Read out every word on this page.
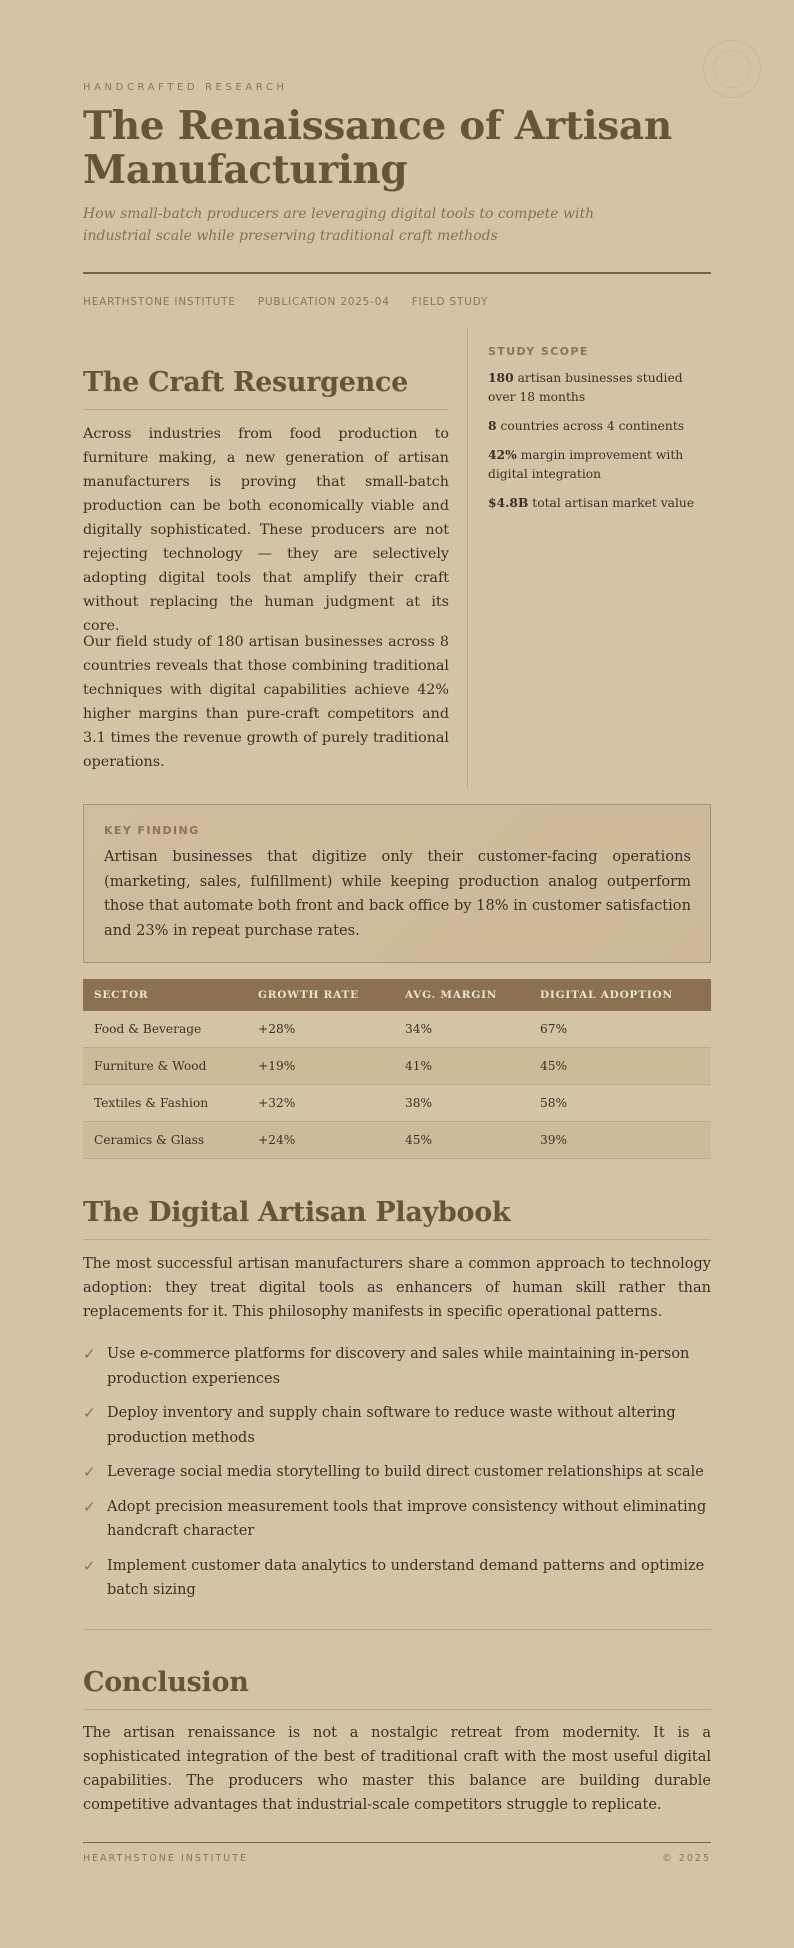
HANDCRAFTED RESEARCH
The Renaissance of Artisan Manufacturing

How small-batch producers are leveraging digital tools to compete with industrial scale while preserving traditional craft methods

HEARTHSTONE INSTITUTE PUBLICATION 2025-04 FIELD STUDY
The Craft Resurgence

Across industries from food production to furniture making, a new generation of artisan manufacturers is proving that small-batch production can be both economically viable and digitally sophisticated. These producers are not rejecting technology — they are selectively adopting digital tools that amplify their craft without replacing the human judgment at its core.

Our field study of 180 artisan businesses across 8 countries reveals that those combining traditional techniques with digital capabilities achieve 42% higher margins than pure-craft competitors and 3.1 times the revenue growth of purely traditional operations.

STUDY SCOPE
180 artisan businesses studied over 18 months
8 countries across 4 continents
42% margin improvement with digital integration
$4.8B total artisan market value
KEY FINDING

Artisan businesses that digitize only their customer-facing operations (marketing, sales, fulfillment) while keeping production analog outperform those that automate both front and back office by 18% in customer satisfaction and 23% in repeat purchase rates.

SECTOR	GROWTH RATE	AVG. MARGIN	DIGITAL ADOPTION
Food & Beverage	+28%	34%	67%
Furniture & Wood	+19%	41%	45%
Textiles & Fashion	+32%	38%	58%
Ceramics & Glass	+24%	45%	39%
The Digital Artisan Playbook

The most successful artisan manufacturers share a common approach to technology adoption: they treat digital tools as enhancers of human skill rather than replacements for it. This philosophy manifests in specific operational patterns.

✓ Use e-commerce platforms for discovery and sales while maintaining in-person production experiences
✓ Deploy inventory and supply chain software to reduce waste without altering production methods
✓ Leverage social media storytelling to build direct customer relationships at scale
✓ Adopt precision measurement tools that improve consistency without eliminating handcraft character
✓ Implement customer data analytics to understand demand patterns and optimize batch sizing
Conclusion

The artisan renaissance is not a nostalgic retreat from modernity. It is a sophisticated integration of the best of traditional craft with the most useful digital capabilities. The producers who master this balance are building durable competitive advantages that industrial-scale competitors struggle to replicate.

HEARTHSTONE INSTITUTE	© 2025
